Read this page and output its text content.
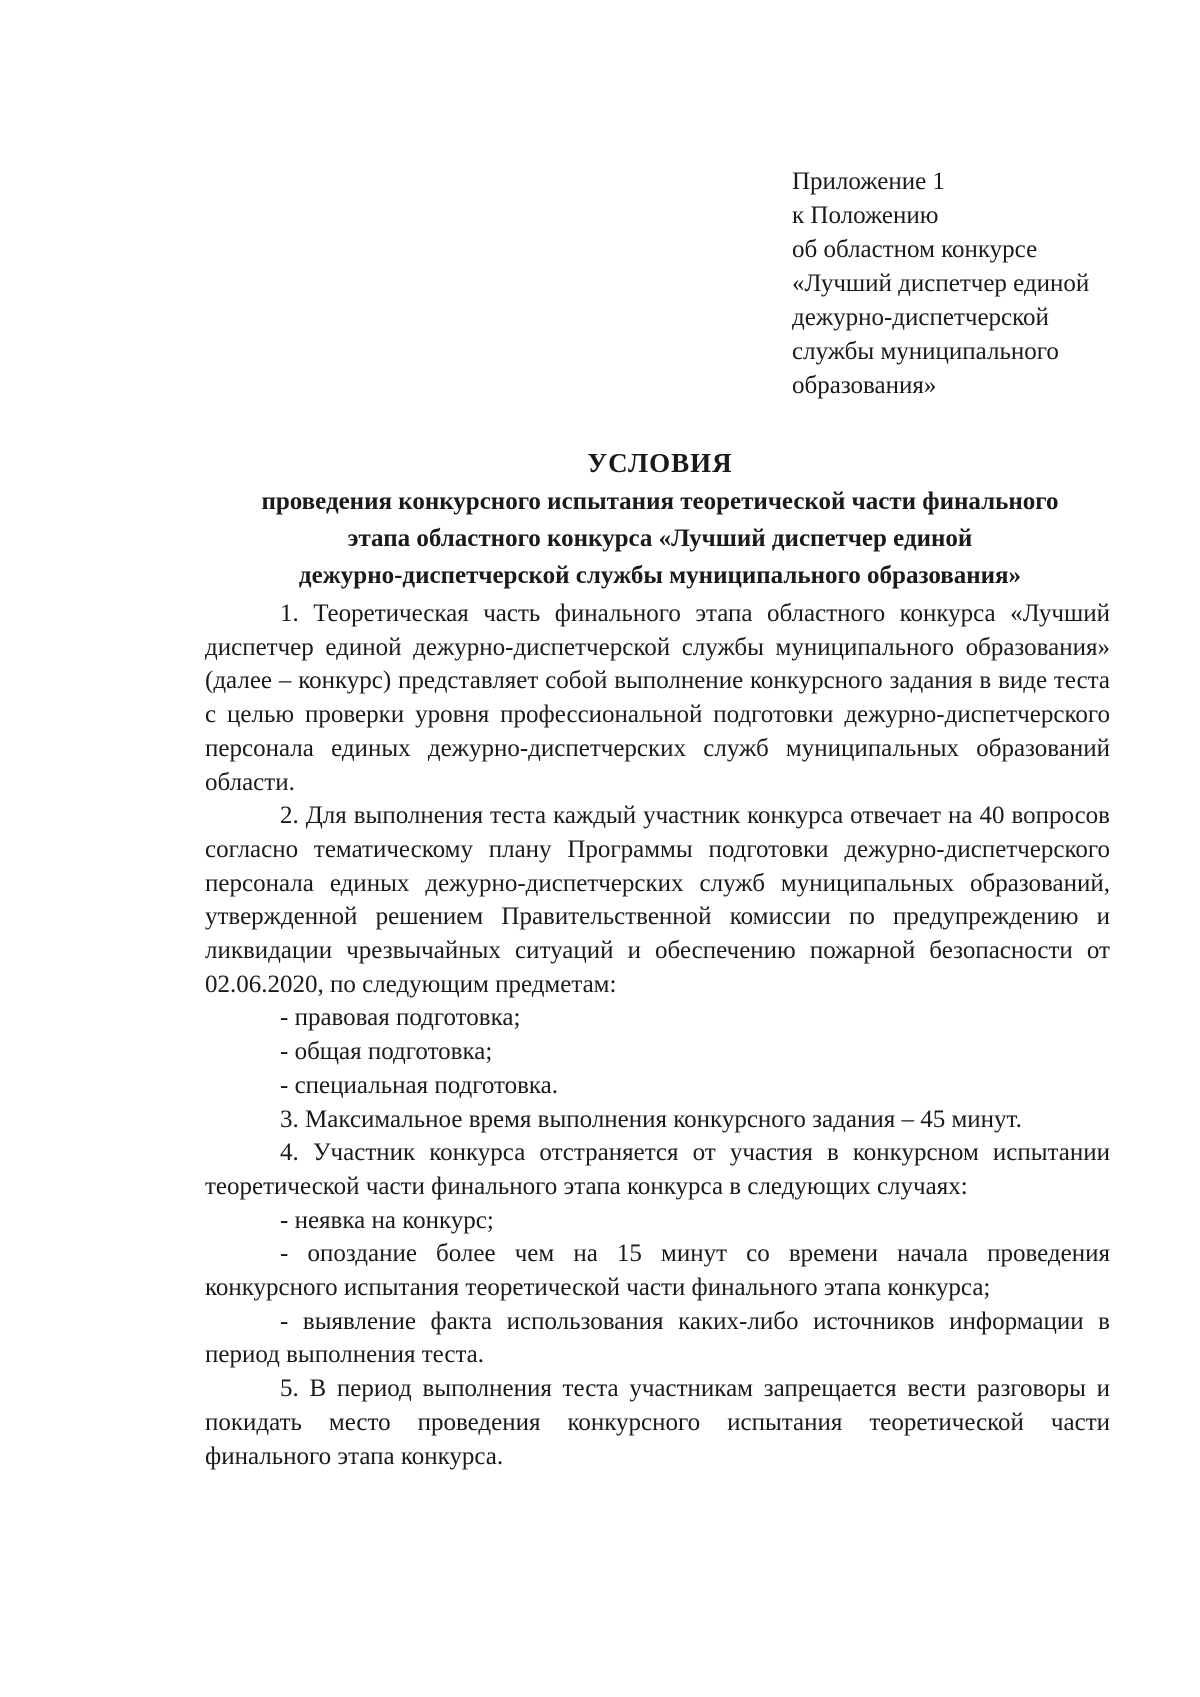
Приложение 1
к Положению
об областном конкурсе
«Лучший диспетчер единой
дежурно-диспетчерской
службы муниципального
образования»
УСЛОВИЯ
проведения конкурсного испытания теоретической части финального
этапа областного конкурса «Лучший диспетчер единой
дежурно-диспетчерской службы муниципального образования»

1. Теоретическая часть финального этапа областного конкурса «Лучший диспетчер единой дежурно-диспетчерской службы муниципального образования» (далее – конкурс) представляет собой выполнение конкурсного задания в виде теста с целью проверки уровня профессиональной подготовки дежурно-диспетчерского персонала единых дежурно-диспетчерских служб муниципальных образований области.

2. Для выполнения теста каждый участник конкурса отвечает на 40 вопросов согласно тематическому плану Программы подготовки дежурно-диспетчерского персонала единых дежурно-диспетчерских служб муниципальных образований, утвержденной решением Правительственной комиссии по предупреждению и ликвидации чрезвычайных ситуаций и обеспечению пожарной безопасности от 02.06.2020, по следующим предметам:

- правовая подготовка;

- общая подготовка;

- специальная подготовка.

3. Максимальное время выполнения конкурсного задания – 45 минут.

4. Участник конкурса отстраняется от участия в конкурсном испытании теоретической части финального этапа конкурса в следующих случаях:

- неявка на конкурс;

- опоздание более чем на 15 минут со времени начала проведения конкурсного испытания теоретической части финального этапа конкурса;

- выявление факта использования каких-либо источников информации в период выполнения теста.

5. В период выполнения теста участникам запрещается вести разговоры и покидать место проведения конкурсного испытания теоретической части финального этапа конкурса.
